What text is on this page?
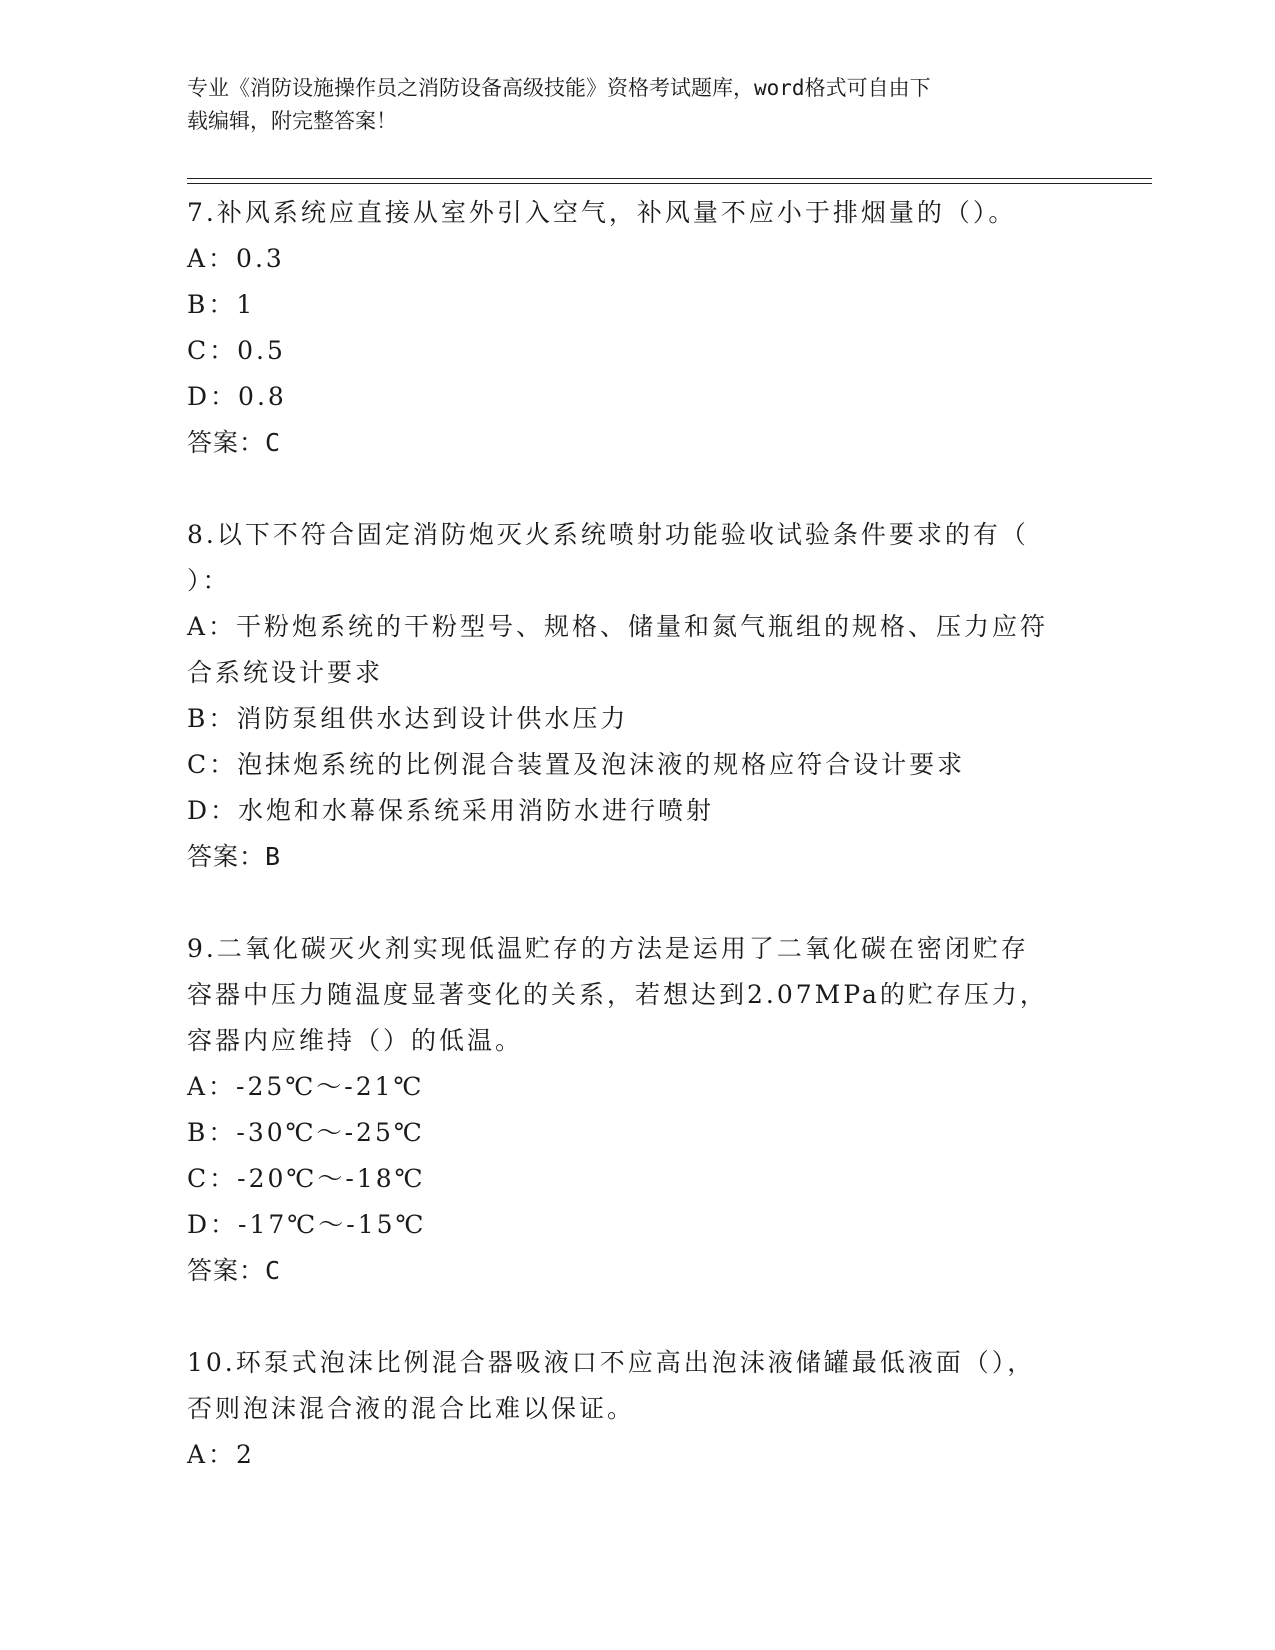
专业《消防设施操作员之消防设备高级技能》资格考试题库，word格式可自由下
载编辑，附完整答案！

7.补风系统应直接从室外引入空气，补风量不应小于排烟量的（）。

A：0.3

B：1

C：0.5

D：0.8

答案：C

8.以下不符合固定消防炮灭火系统喷射功能验收试验条件要求的有（

）：

A：干粉炮系统的干粉型号、规格、储量和氮气瓶组的规格、压力应符

合系统设计要求

B：消防泵组供水达到设计供水压力

C：泡抹炮系统的比例混合装置及泡沫液的规格应符合设计要求

D：水炮和水幕保系统采用消防水进行喷射

答案：B

9.二氧化碳灭火剂实现低温贮存的方法是运用了二氧化碳在密闭贮存

容器中压力随温度显著变化的关系，若想达到2.07MPa的贮存压力，

容器内应维持（）的低温。

A：-25℃～-21℃

B：-30℃～-25℃

C：-20℃～-18℃

D：-17℃～-15℃

答案：C

10.环泵式泡沫比例混合器吸液口不应高出泡沫液储罐最低液面（），

否则泡沫混合液的混合比难以保证。

A：2
